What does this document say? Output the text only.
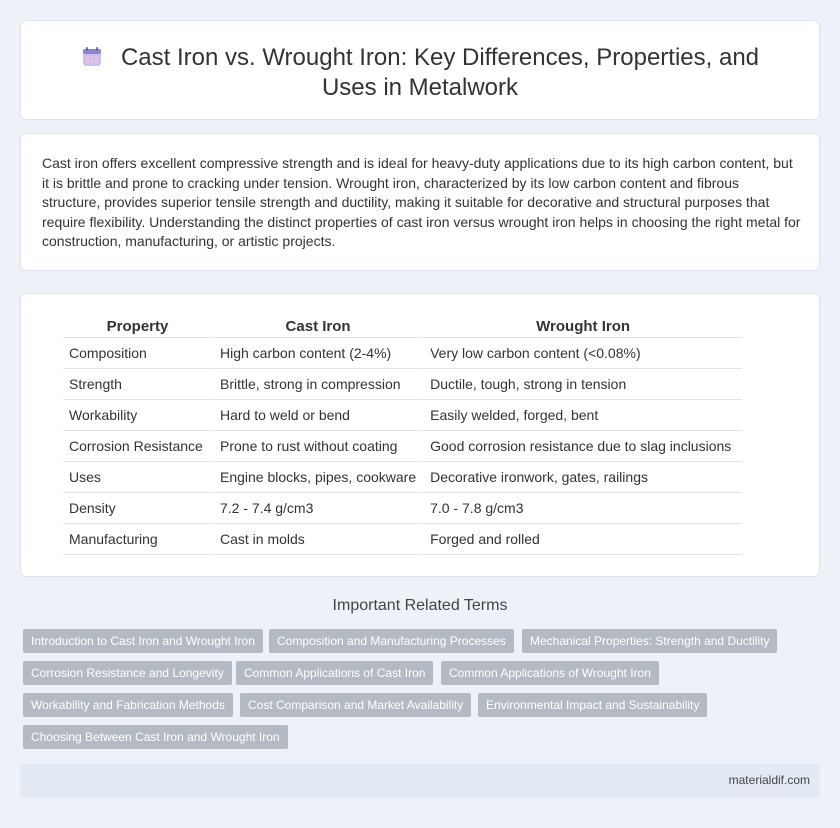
Cast Iron vs. Wrought Iron: Key Differences, Properties, and Uses in Metalwork

Cast iron offers excellent compressive strength and is ideal for heavy-duty applications due to its high carbon content, but it is brittle and prone to cracking under tension. Wrought iron, characterized by its low carbon content and fibrous structure, provides superior tensile strength and ductility, making it suitable for decorative and structural purposes that require flexibility. Understanding the distinct properties of cast iron versus wrought iron helps in choosing the right metal for construction, manufacturing, or artistic projects.

Property	Cast Iron	Wrought Iron
Composition	High carbon content (2-4%)	Very low carbon content (<0.08%)
Strength	Brittle, strong in compression	Ductile, tough, strong in tension
Workability	Hard to weld or bend	Easily welded, forged, bent
Corrosion Resistance	Prone to rust without coating	Good corrosion resistance due to slag inclusions
Uses	Engine blocks, pipes, cookware	Decorative ironwork, gates, railings
Density	7.2 - 7.4 g/cm3	7.0 - 7.8 g/cm3
Manufacturing	Cast in molds	Forged and rolled
Important Related Terms
Introduction to Cast Iron and Wrought Iron	Composition and Manufacturing Processes	Mechanical Properties: Strength and Ductility
Corrosion Resistance and Longevity	Common Applications of Cast Iron	Common Applications of Wrought Iron
Workability and Fabrication Methods	Cost Comparison and Market Availability	Environmental Impact and Sustainability
Choosing Between Cast Iron and Wrought Iron
materialdif.com
